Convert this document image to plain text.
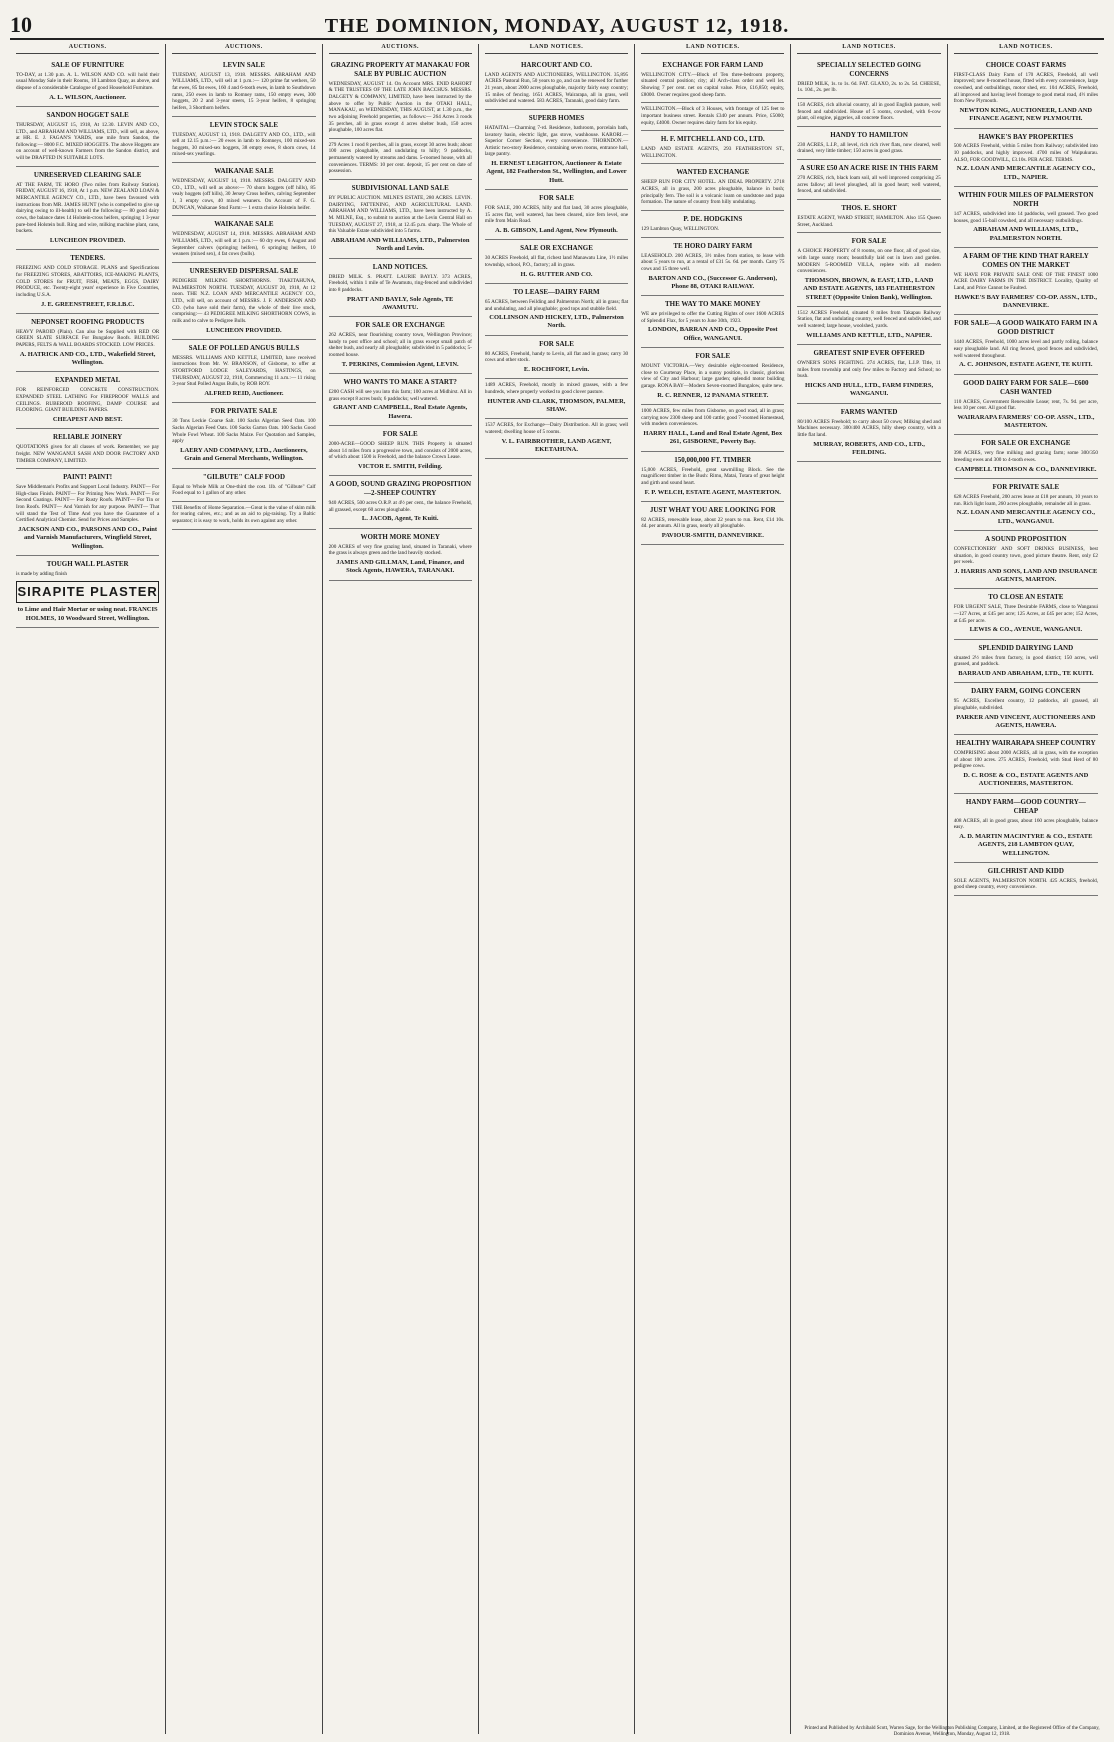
10	THE DOMINION, MONDAY, AUGUST 12, 1918.
AUCTIONS.
SALE OF FURNITURE

TO-DAY, at 1.30 p.m. A. L. WILSON AND CO. will hold their usual Monday Sale in their Rooms, 18 Lambton Quay, as above, and dispose of a considerable Catalogue of good Household Furniture.

A. L. WILSON, Auctioneer.
SANDON HOGGET SALE

THURSDAY, AUGUST 15, 1918, At 12.30. LEVIN AND CO., LTD., and ABRAHAM AND WILLIAMS, LTD., will sell, as above, at HR. E. J. FAGAN'S YARDS, one mile from Sandon, the following:— 8000 F.C. MIXED HOGGETS. The above Hoggets are on account of well-known Farmers from the Sandon district, and will be DRAFTED IN SUITABLE LOTS.

UNRESERVED CLEARING SALE

AT THE FARM, TE HORO (Two miles from Railway Station). FRIDAY, AUGUST 16, 1918, At 1 p.m. NEW ZEALAND LOAN & MERCANTILE AGENCY CO., LTD., have been favoured with instructions from MR. JAMES HUNT (who is compelled to give up dairying owing to ill-health) to sell the following:— 80 good dairy cows, the balance dates 14 Holstein-cross heifers, springing 1 3-year pure-bred Holstein bull. Ring and wire, milking machine plant, cans, buckets.

LUNCHEON PROVIDED.
TENDERS.

FREEZING AND COLD STORAGE. PLANS and Specifications for FREEZING STORES, ABATTOIRS, ICE-MAKING PLANTS, COLD STORES for FRUIT, FISH, MEATS, EGGS, DAIRY PRODUCE, etc. Twenty-eight years' experience in Five Countries, including U.S.A.

J. E. GREENSTREET, F.R.I.B.C.
NEPONSET ROOFING PRODUCTS

HEAVY PAROID (Plain). Can also be Supplied with RED OR GREEN SLATE SURFACE For Bungalow Roofs. BUILDING PAPERS, FELTS & WALL BOARDS STOCKED. LOW PRICES.

A. HATRICK AND CO., LTD., Wakefield Street, Wellington.
EXPANDED METAL

FOR REINFORCED CONCRETE CONSTRUCTION. EXPANDED STEEL LATHING For FIREPROOF WALLS and CEILINGS. RUBEROID ROOFING, DAMP COURSE and FLOORING. GIANT BUILDING PAPERS.

CHEAPEST AND BEST.
RELIABLE JOINERY

QUOTATIONS given for all classes of work. Remember, we pay freight. NEW WANGANUI SASH AND DOOR FACTORY AND TIMBER COMPANY, LIMITED.

PAINT! PAINT!

Save Middleman's Profits and Support Local Industry. PAINT— For High-class Finish. PAINT— For Priming New Work. PAINT— For Second Coatings. PAINT— For Rusty Roofs. PAINT— For Tin or Iron Roofs. PAINT— And Varnish for any purpose. PAINT— That will stand the Test of Time And you have the Guarantee of a Certified Analytical Chemist. Send for Prices and Samples.

JACKSON AND CO., PARSONS AND CO., Paint and Varnish Manufacturers, Wingfield Street, Wellington.
TOUGH WALL PLASTER

is made by adding finish

SIRAPITE PLASTER
to Lime and Hair Mortar or using neat. FRANCIS HOLMES, 10 Woodward Street, Wellington.
AUCTIONS.
LEVIN SALE

TUESDAY, AUGUST 13, 1918. MESSRS. ABRAHAM AND WILLIAMS, LTD., will sell at 1 p.m.:— 120 prime fat wethers, 50 fat ewes, 85 fat ewes, 160 4 and 6-tooth ewes, in lamb to Southdown rams, 250 ewes in lamb to Romney rams, 150 empty ewes, 300 hoggets, 20 2 and 3-year steers, 15 3-year heifers, 8 springing heifers, 3 Shorthorn heifers.

LEVIN STOCK SALE

TUESDAY, AUGUST 13, 1918. DALGETY AND CO., LTD., will sell at 12.15 p.m.:— 20 ewes in lamb to Romneys, 100 mixed-sex hoggets, 30 mixed-sex hoggets, 38 empty ewes, 8 shorn cows, 14 mixed-sex yearlings.

WAIKANAE SALE

WEDNESDAY, AUGUST 14, 1918. MESSRS. DALGETY AND CO., LTD., will sell as above:— 70 shorn hoggets (off hills), 85 vealy hoggets (off hills), 30 Jersey Cross heifers, calving September 1, 3 empty cows, 40 mixed weaners. On Account of F. G. DUNCAN, Waikanae Stud Farm:— 1 extra choice Holstein heifer.

WAIKANAE SALE

WEDNESDAY, AUGUST 14, 1918. MESSRS. ABRAHAM AND WILLIAMS, LTD., will sell at 1 p.m.:— 60 dry ewes, 6 August and September calvers (springing heifers), 6 springing heifers, 10 weaners (mixed sex), 4 fat cows (bulls).

UNRESERVED DISPERSAL SALE

PEDIGREE MILKING SHORTHORNS. TIAKITAHUNA, PALMERSTON NORTH. TUESDAY, AUGUST 20, 1918, At 12 noon. THE N.Z. LOAN AND MERCANTILE AGENCY CO., LTD., will sell, on account of MESSRS. J. F. ANDERSON AND CO. (who have sold their farm), the whole of their live stock, comprising:— 43 PEDIGREE MILKING SHORTHORN COWS, in milk and to calve to Pedigree Bulls.

LUNCHEON PROVIDED.
SALE OF POLLED ANGUS BULLS

MESSRS. WILLIAMS AND KETTLE, LIMITED, have received instructions from Mr. W. BRANSON, of Gisborne, to offer at STORTFORD LODGE SALEYARDS, HASTINGS, on THURSDAY, AUGUST 22, 1918, Commencing 11 a.m.:— 11 rising 3-year Stud Polled Angus Bulls, by ROB ROY.

ALFRED REID, Auctioneer.
FOR PRIVATE SALE

30 Tons Leckie Coarse Salt. 100 Sacks Algerian Seed Oats. 100 Sacks Algerian Feed Oats. 100 Sacks Garton Oats. 100 Sacks Good Whole Fowl Wheat. 100 Sacks Maize. For Quotation and Samples, apply

LAERY AND COMPANY, LTD., Auctioneers, Grain and General Merchants, Wellington.
"GILBUTE" CALF FOOD

Equal to Whole Milk at One-third the cost. 1lb. of "Gilbute" Calf Food equal to 1 gallon of any other.

THE Benefits of Home Separation.—Great is the value of skim milk for rearing calves, etc.; and as an aid to pig-raising. Try a Baltic separator; it is easy to work, holds its own against any other.

AUCTIONS.
GRAZING PROPERTY AT MANAKAU FOR SALE BY PUBLIC AUCTION

WEDNESDAY, AUGUST 14. On Account MRS. ENID RAHORT & THE TRUSTEES OF THE LATE JOHN BACCHUS. MESSRS. DALGETY & COMPANY, LIMITED, have been instructed by the above to offer by Public Auction in the OTAKI HALL, MANAKAU, on WEDNESDAY, THIS AUGUST, at 1.30 p.m., the two adjoining Freehold properties, as follows:— 264 Acres 3 roods 35 perches, all in grass except 4 acres shelter bush, 150 acres ploughable, 100 acres flat.

279 Acres 1 rood 8 perches, all in grass, except 30 acres bush; about 100 acres ploughable, and undulating to hilly; 9 paddocks, permanently watered by streams and dams. 5-roomed house, with all conveniences. TERMS: 10 per cent. deposit, 15 per cent on date of possession.

SUBDIVISIONAL LAND SALE

BY PUBLIC AUCTION. MILNE'S ESTATE, 280 ACRES. LEVIN. DAIRYING, FATTENING, AND AGRICULTURAL LAND. ABRAHAM AND WILLIAMS, LTD., have been instructed by A. M. MILNE, Esq., to submit to auction at the Levin Central Hall on TUESDAY, AUGUST 27, 1918, at 12.45 p.m. sharp. The Whole of this Valuable Estate subdivided into 5 farms.

ABRAHAM AND WILLIAMS, LTD., Palmerston North and Levin.
LAND NOTICES.

DRIED MILK. S. PRATT. LAURIE BAYLY. 373 ACRES, Freehold, within 1 mile of Te Awamutu, ring-fenced and subdivided into 8 paddocks.

PRATT AND BAYLY, Sole Agents, TE AWAMUTU.
FOR SALE OR EXCHANGE

262 ACRES, near flourishing country town, Wellington Province; handy to post office and school; all in grass except small patch of shelter bush, and nearly all ploughable; subdivided in 5 paddocks; 5-roomed house.

T. PERKINS, Commission Agent, LEVIN.
WHO WANTS TO MAKE A START?

£200 CASH will see you into this farm; 100 acres at Midhirst. All in grass except 8 acres bush; 6 paddocks; well watered.

GRANT AND CAMPBELL, Real Estate Agents, Hawera.
FOR SALE

2000-ACRE—GOOD SHEEP RUN. THIS Property is situated about 14 miles from a progressive town, and consists of 2000 acres, of which about 1500 is Freehold, and the balance Crown Lease.

VICTOR E. SMITH, Feilding.
A GOOD, SOUND GRAZING PROPOSITION—2-SHEEP COUNTRY

940 ACRES, 500 acres O.R.P. at 4½ per cent., the balance Freehold, all grassed, except 60 acres ploughable.

L. JACOB, Agent, Te Kuiti.
WORTH MORE MONEY

200 ACRES of very fine grazing land, situated in Taranaki, where the grass is always green and the land heavily stocked.

JAMES AND GILLMAN, Land, Finance, and Stock Agents, HAWERA, TARANAKI.
LAND NOTICES.
HARCOURT AND CO.

LAND AGENTS AND AUCTIONEERS, WELLINGTON. 35,895 ACRES Pastoral Run, 50 years to go, and can be renewed for further 21 years, about 2000 acres ploughable, majority fairly easy country; 15 miles of fencing. 1651 ACRES, Wairarapa, all in grass, well subdivided and watered. 583 ACRES, Taranaki, good dairy farm.

SUPERB HOMES

HATAITAI.—Charming 7-rd. Residence, bathroom, porcelain bath, lavatory basin, electric light, gas stove, washhouse. KARORI.—Superior Corner Section, every convenience. THORNDON.—Artistic two-story Residence, containing seven rooms, entrance hall, large pantry.

H. ERNEST LEIGHTON, Auctioneer & Estate Agent, 182 Featherston St., Wellington, and Lower Hutt.
FOR SALE

FOR SALE, 200 ACRES, hilly and flat land, 30 acres ploughable, 15 acres flat, well watered, has been cleared, nice fern level, one mile from Main Road.

A. B. GIBSON, Land Agent, New Plymouth.
SALE OR EXCHANGE

30 ACRES Freehold, all flat, richest land Manawatu Line, 1½ miles township, school, P.O., factory; all in grass.

H. G. RUTTER AND CO.
TO LEASE—DAIRY FARM

65 ACRES, between Feilding and Palmerston North; all in grass; flat and undulating, and all ploughable; good tops and stubble field.

COLLINSON AND HICKEY, LTD., Palmerston North.
FOR SALE

80 ACRES, Freehold, handy to Levin, all flat and in grass; carry 30 cows and other stock.

E. ROCHFORT, Levin.

1489 ACRES, Freehold, mostly in mixed grasses, with a few hundreds, where properly worked to good clover pasture.

HUNTER AND CLARK, THOMSON, PALMER, SHAW.

1537 ACRES, for Exchange—Dairy Distribution. All in grass; well watered; dwelling house of 5 rooms.

V. L. FAIRBROTHER, LAND AGENT, EKETAHUNA.
LAND NOTICES.
EXCHANGE FOR FARM LAND

WELLINGTON CITY.—Block of Ten three-bedroom property, situated central position; city; all Arch-class order and well let. Showing 7 per cent. net on capital value. Price, £16,850; equity, £8000. Owner requires good sheep farm.

WELLINGTON.—Block of 3 Houses, with frontage of 125 feet to important business street. Rentals £340 per annum. Price, £5000; equity, £4000. Owner requires dairy farm for his equity.

H. F. MITCHELL AND CO., LTD.

LAND AND ESTATE AGENTS, 293 FEATHERSTON ST., WELLINGTON.

WANTED EXCHANGE

SHEEP RUN FOR CITY HOTEL. AN IDEAL PROPERTY. 2718 ACRES, all in grass, 200 acres ploughable, balance in bush; principally fern. The soil is a volcanic loam on sandstone and papa formation. The nature of country from hilly undulating.

P. DE. HODGKINS

129 Lambton Quay, WELLINGTON.

TE HORO DAIRY FARM

LEASEHOLD. 200 ACRES, 3½ miles from station, to lease with about 5 years to run, at a rental of £31 5s. 6d. per month. Carry 75 cows and 15 three well.

BARTON AND CO., (Successor G. Anderson), Phone 88, OTAKI RAILWAY.
THE WAY TO MAKE MONEY

WE are privileged to offer the Cutting Rights of over 1600 ACRES of Splendid Flax, for 5 years to June 30th, 1923.

LONDON, BARRAN AND CO., Opposite Post Office, WANGANUI.
FOR SALE

MOUNT VICTORIA.—Very desirable eight-roomed Residence, close to Courtenay Place, in a sunny position, in classic, glorious view of City and Harbour; large garden; splendid motor building garage. RONA BAY—Modern Seven-roomed Bungalow, quite new.

R. C. RENNER, 12 PANAMA STREET.

1000 ACRES, few miles from Gisborne, on good road, all in grass; carrying now 2300 sheep and 100 cattle; good 7-roomed Homestead, with modern conveniences.

HARRY HALL, Land and Real Estate Agent, Box 261, GISBORNE, Poverty Bay.
150,000,000 FT. TIMBER

15,000 ACRES, Freehold, great sawmilling Block. See the magnificent timber in the Bush: Rimu, Matai, Totara of great height and girth and sound heart.

F. P. WELCH, ESTATE AGENT, MASTERTON.
JUST WHAT YOU ARE LOOKING FOR

82 ACRES, renewable lease, about 22 years to run. Rent, £14 10s. 4d. per annum. All in grass, nearly all ploughable.

PAVIOUR-SMITH, DANNEVIRKE.
LAND NOTICES.
SPECIALLY SELECTED GOING CONCERNS

DRIED MILK, 1s. to 1s. 6d. FAT. GLAXO, 2s. to 2s. 5d. CHEESE, 1s. 10d., 2s. per lb.

150 ACRES, rich alluvial country, all in good English pasture, well fenced and subdivided. House of 5 rooms, cowshed, with 6-cow plant, oil engine, piggeries, all concrete floors.

HANDY TO HAMILTON

230 ACRES, L.I.P., all level, rich rich river flats, now cleared, well drained, very little timber; 150 acres in good grass.

A SURE £50 AN ACRE RISE IN THIS FARM

270 ACRES, rich, black loam soil, all well improved comprising 25 acres fallow; all level ploughed, all in good heart; well watered, fenced, and subdivided.

THOS. E. SHORT

ESTATE AGENT, WARD STREET, HAMILTON. Also 155 Queen Street, Auckland.

FOR SALE

A CHOICE PROPERTY of 8 rooms, on one floor, all of good size, with large sunny room; beautifully laid out in lawn and garden. MODERN 5-ROOMED VILLA, replete with all modern conveniences.

THOMSON, BROWN, & EAST, LTD., LAND AND ESTATE AGENTS, 183 FEATHERSTON STREET (Opposite Union Bank), Wellington.

1512 ACRES Freehold, situated 8 miles from Takapau Railway Station, flat and undulating country, well fenced and subdivided, and well watered; large house, woolshed, yards.

WILLIAMS AND KETTLE, LTD., NAPIER.
GREATEST SNIP EVER OFFERED

OWNER'S SONS FIGHTING. 274 ACRES, flat, L.I.P. Title, 11 miles from township and only few miles to Factory and School; no bush.

HICKS AND HULL, LTD., FARM FINDERS, WANGANUI.
FARMS WANTED

80/100 ACRES Freehold; to carry about 50 cows; Milking shed and Machines necessary. 300/400 ACRES, hilly sheep country, with a little flat land.

MURRAY, ROBERTS, AND CO., LTD., FEILDING.
LAND NOTICES.
CHOICE COAST FARMS

FIRST-CLASS Dairy Farm of 170 ACRES, Freehold, all well improved; new 8-roomed house, fitted with every convenience, large cowshed, and outbuildings, motor shed, etc. 104 ACRES, Freehold, all improved and having level frontage to good metal road, 4½ miles from New Plymouth.

NEWTON KING, AUCTIONEER, LAND AND FINANCE AGENT, NEW PLYMOUTH.
HAWKE'S BAY PROPERTIES

500 ACRES Freehold, within 5 miles from Railway; subdivided into 10 paddocks, and highly improved. 4700 miles of Waipukurau. ALSO, FOR GOODWILL, £3.10s. PER ACRE. TERMS.

N.Z. LOAN AND MERCANTILE AGENCY CO., LTD., NAPIER.
WITHIN FOUR MILES OF PALMERSTON NORTH

147 ACRES, subdivided into 14 paddocks, well grassed. Two good houses, good 15-bail cowshed, and all necessary outbuildings.

ABRAHAM AND WILLIAMS, LTD., PALMERSTON NORTH.
A FARM OF THE KIND THAT RARELY COMES ON THE MARKET

WE HAVE FOR PRIVATE SALE ONE OF THE FINEST 1000 ACRE DAIRY FARMS IN THE DISTRICT. Locality, Quality of Land, and Price Cannot be Faulted.

HAWKE'S BAY FARMERS' CO-OP. ASSN., LTD., DANNEVIRKE.
FOR SALE—A GOOD WAIKATO FARM IN A GOOD DISTRICT

1440 ACRES, Freehold, 1000 acres level and partly rolling, balance easy ploughable land. All ring fenced, good fences and subdivided, well watered throughout.

A. C. JOHNSON, ESTATE AGENT, TE KUITI.
GOOD DAIRY FARM FOR SALE—£600 CASH WANTED

110 ACRES, Government Renewable Lease; rent, 7s. 9d. per acre, less 10 per cent. All good flat.

WAIRARAPA FARMERS' CO-OP. ASSN., LTD., MASTERTON.
FOR SALE OR EXCHANGE

398 ACRES, very fine milking and grazing farm; some 300/350 breeding ewes and 300 to 4-tooth ewes.

CAMPBELL THOMSON & CO., DANNEVIRKE.
FOR PRIVATE SALE

628 ACRES Freehold, 200 acres lease at £18 per annum, 10 years to run. Rich light loam, 260 acres ploughable, remainder all in grass.

N.Z. LOAN AND MERCANTILE AGENCY CO., LTD., WANGANUI.
A SOUND PROPOSITION

CONFECTIONERY AND SOFT DRINKS BUSINESS, best situation, in good country town, good picture theatre. Rent, only £2 per week.

J. HARRIS AND SONS, LAND AND INSURANCE AGENTS, MARTON.
TO CLOSE AN ESTATE

FOR URGENT SALE, Three Desirable FARMS, close to Wanganui—127 Acres, at £45 per acre; 125 Acres, at £45 per acre; 152 Acres, at £45 per acre.

LEWIS & CO., AVENUE, WANGANUI.
SPLENDID DAIRYING LAND

situated 2½ miles from factory, in good district; 150 acres, well grassed, and paddock.

BARRAUD AND ABRAHAM, LTD., TE KUITI.
DAIRY FARM, GOING CONCERN

95 ACRES, Excellent country, 12 paddocks, all grassed, all ploughable, subdivided.

PARKER AND VINCENT, AUCTIONEERS AND AGENTS, HAWERA.
HEALTHY WAIRARAPA SHEEP COUNTRY

COMPRISING about 2000 ACRES, all in grass, with the exception of about 100 acres. 275 ACRES, Freehold, with Stud Herd of 80 pedigree cows.

D. C. ROSE & CO., ESTATE AGENTS AND AUCTIONEERS, MASTERTON.
HANDY FARM—GOOD COUNTRY—CHEAP

408 ACRES, all in good grass, about 160 acres ploughable, balance easy.

A. D. MARTIN MACINTYRE & CO., ESTATE AGENTS, 218 LAMBTON QUAY, WELLINGTON.
GILCHRIST AND KIDD

SOLE AGENTS, PALMERSTON NORTH. 425 ACRES, freehold, good sheep country, every convenience.

Printed and Published by Archibald Scott, Warren Sage, for the Wellington Publishing Company, Limited, at the Registered Office of the Company, Dominion Avenue, Wellington, Monday, August 12, 1918.
